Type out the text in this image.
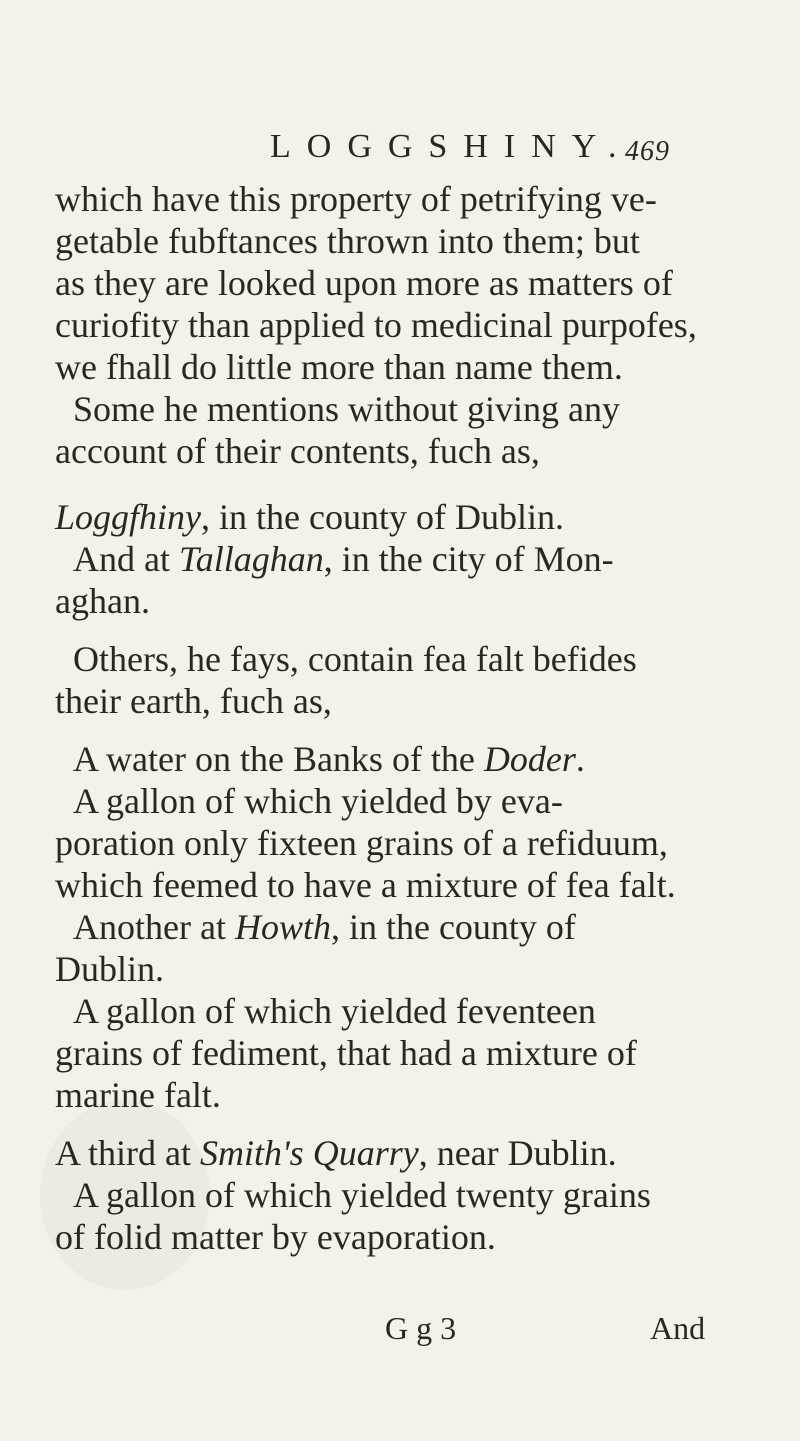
LOGGSHINY.
469

which have this property of petrifying ve-

getable fubftances thrown into them; but

as they are looked upon more as matters of

curiofity than applied to medicinal purpofes,

we fhall do little more than name them.

Some he mentions without giving any

account of their contents, fuch as,

Loggfhiny, in the county of Dublin.

And at Tallaghan, in the city of Mon-

aghan.

Others, he fays, contain fea falt befides

their earth, fuch as,

A water on the Banks of the Doder.

A gallon of which yielded by eva-

poration only fixteen grains of a refiduum,

which feemed to have a mixture of fea falt.

Another at Howth, in the county of

Dublin.

A gallon of which yielded feventeen

grains of fediment, that had a mixture of

marine falt.

A third at Smith's Quarry, near Dublin.

A gallon of which yielded twenty grains

of folid matter by evaporation.

G g 3	And
